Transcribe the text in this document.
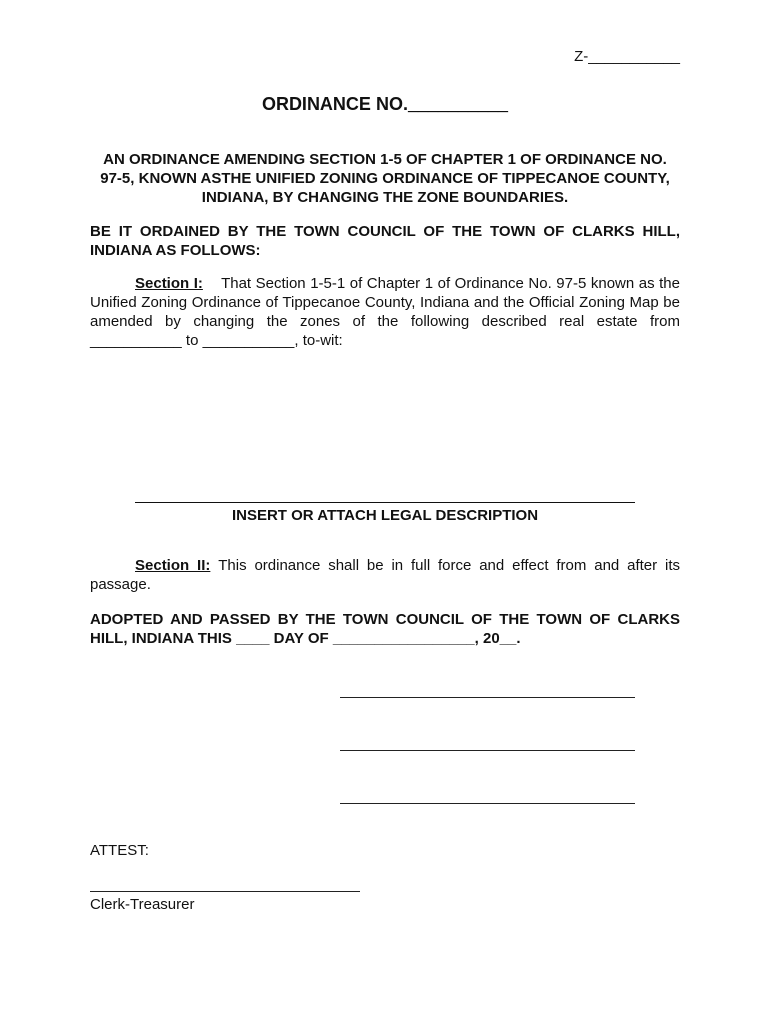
Z-___________
ORDINANCE NO.__________
AN ORDINANCE AMENDING SECTION 1-5 OF CHAPTER 1 OF ORDINANCE NO. 97-5, KNOWN ASTHE UNIFIED ZONING ORDINANCE OF TIPPECANOE COUNTY, INDIANA, BY CHANGING THE ZONE BOUNDARIES.
BE IT ORDAINED BY THE TOWN COUNCIL OF THE TOWN OF CLARKS HILL, INDIANA AS FOLLOWS:
Section I: That Section 1-5-1 of Chapter 1 of Ordinance No. 97-5 known as the Unified Zoning Ordinance of Tippecanoe County, Indiana and the Official Zoning Map be amended by changing the zones of the following described real estate from ___________ to ___________, to-wit:
INSERT OR ATTACH LEGAL DESCRIPTION
Section II: This ordinance shall be in full force and effect from and after its passage.
ADOPTED AND PASSED BY THE TOWN COUNCIL OF THE TOWN OF CLARKS HILL, INDIANA THIS ____ DAY OF _________________, 20__.
ATTEST:
Clerk-Treasurer
